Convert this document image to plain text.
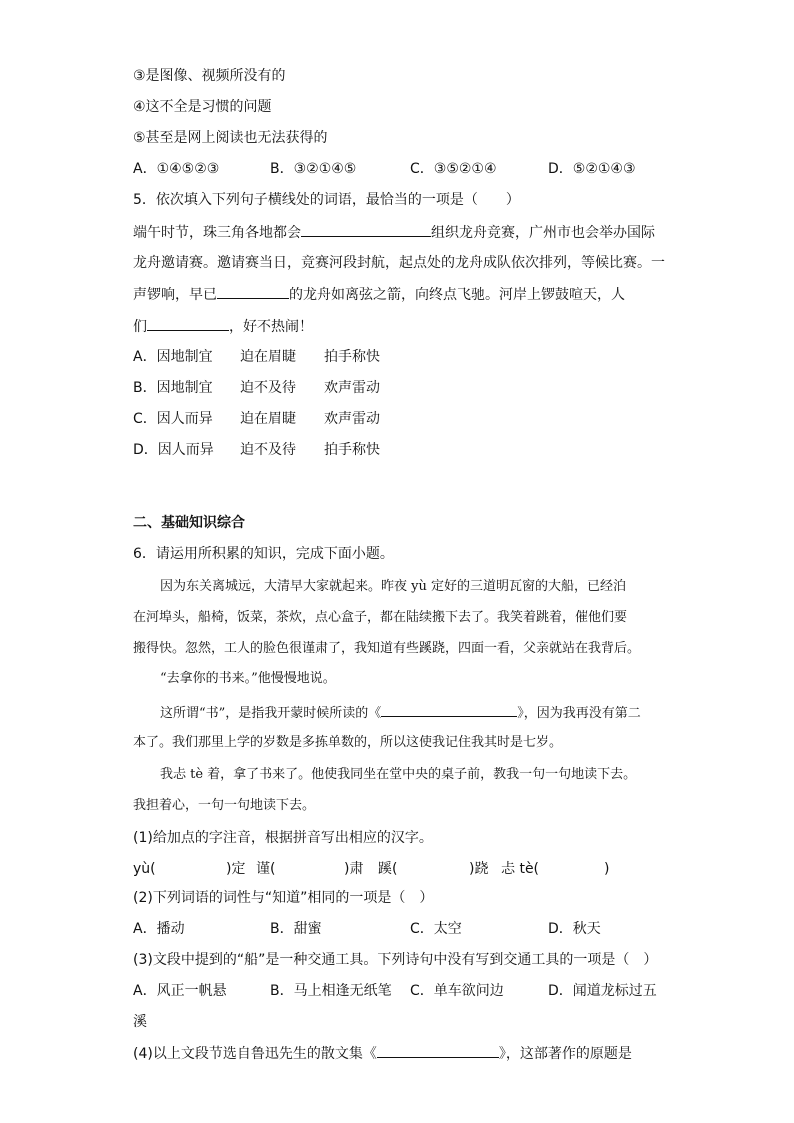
③是图像、视频所没有的
④这不全是习惯的问题
⑤甚至是网上阅读也无法获得的
A．①④⑤②③	B．③②①④⑤	C．③⑤②①④	D．⑤②①④③
5．依次填入下列句子横线处的词语，最恰当的一项是（　　）
端午时节，珠三角各地都会	组织龙舟竞赛，广州市也会举办国际
龙舟邀请赛。邀请赛当日，竞赛河段封航，起点处的龙舟成队依次排列，等候比赛。一
声锣响，早已	的龙舟如离弦之箭，向终点飞驰。河岸上锣鼓喧天，人
们	，好不热闹！
A．因地制宜 迫在眉睫 拍手称快
B．因地制宜 迫不及待 欢声雷动
C．因人而异 迫在眉睫 欢声雷动
D．因人而异 迫不及待 拍手称快
二、基础知识综合
6．请运用所积累的知识，完成下面小题。
因为东关离城远，大清早大家就起来。昨夜 yù 定好的三道明瓦窗的大船，已经泊
在河埠头，船椅，饭菜，茶炊，点心盒子，都在陆续搬下去了。我笑着跳着，催他们要
搬得快。忽然，工人的脸色很谨肃了，我知道有些蹊跷，四面一看，父亲就站在我背后。
“去拿你的书来。”他慢慢地说。
这所谓“书”，是指我开蒙时候所读的《	》，因为我再没有第二
本了。我们那里上学的岁数是多拣单数的，所以这使我记住我其时是七岁。
我忐 tè 着，拿了书来了。他使我同坐在堂中央的桌子前，教我一句一句地读下去。
我担着心，一句一句地读下去。
(1)给加点的字注音，根据拼音写出相应的汉字。
yù(	)定 谨(	)肃 蹊(	)跷 忐 tè(	)
(2)下列词语的词性与“知道”相同的一项是（　）
A．播动	B．甜蜜	C．太空	D．秋天
(3)文段中提到的“船”是一种交通工具。下列诗句中没有写到交通工具的一项是（　）
A．风正一帆悬	B．马上相逢无纸笔 C．单车欲问边	D．闻道龙标过五
溪
(4)以上文段节选自鲁迅先生的散文集《	》，这部著作的原题是
